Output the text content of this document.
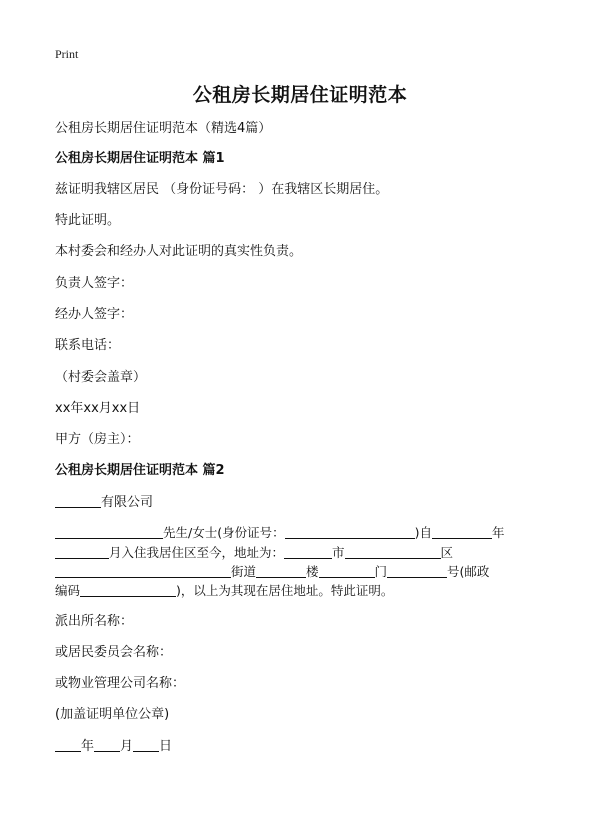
Print
公租房长期居住证明范本
公租房长期居住证明范本（精选4篇）
公租房长期居住证明范本 篇1
兹证明我辖区居民 （身份证号码： ）在我辖区长期居住。
特此证明。
本村委会和经办人对此证明的真实性负责。
负责人签字：
经办人签字：
联系电话：
（村委会盖章）
xx年xx月xx日
甲方（房主）：
公租房长期居住证明范本 篇2
有限公司
先生/女士(身份证号：	)自	年
月入住我居住区至今，地址为：	市	区
街道	楼	门	号(邮政
编码	)，以上为其现在居住地址。特此证明。
派出所名称：
或居民委员会名称：
或物业管理公司名称：
(加盖证明单位公章)
年 月 日
